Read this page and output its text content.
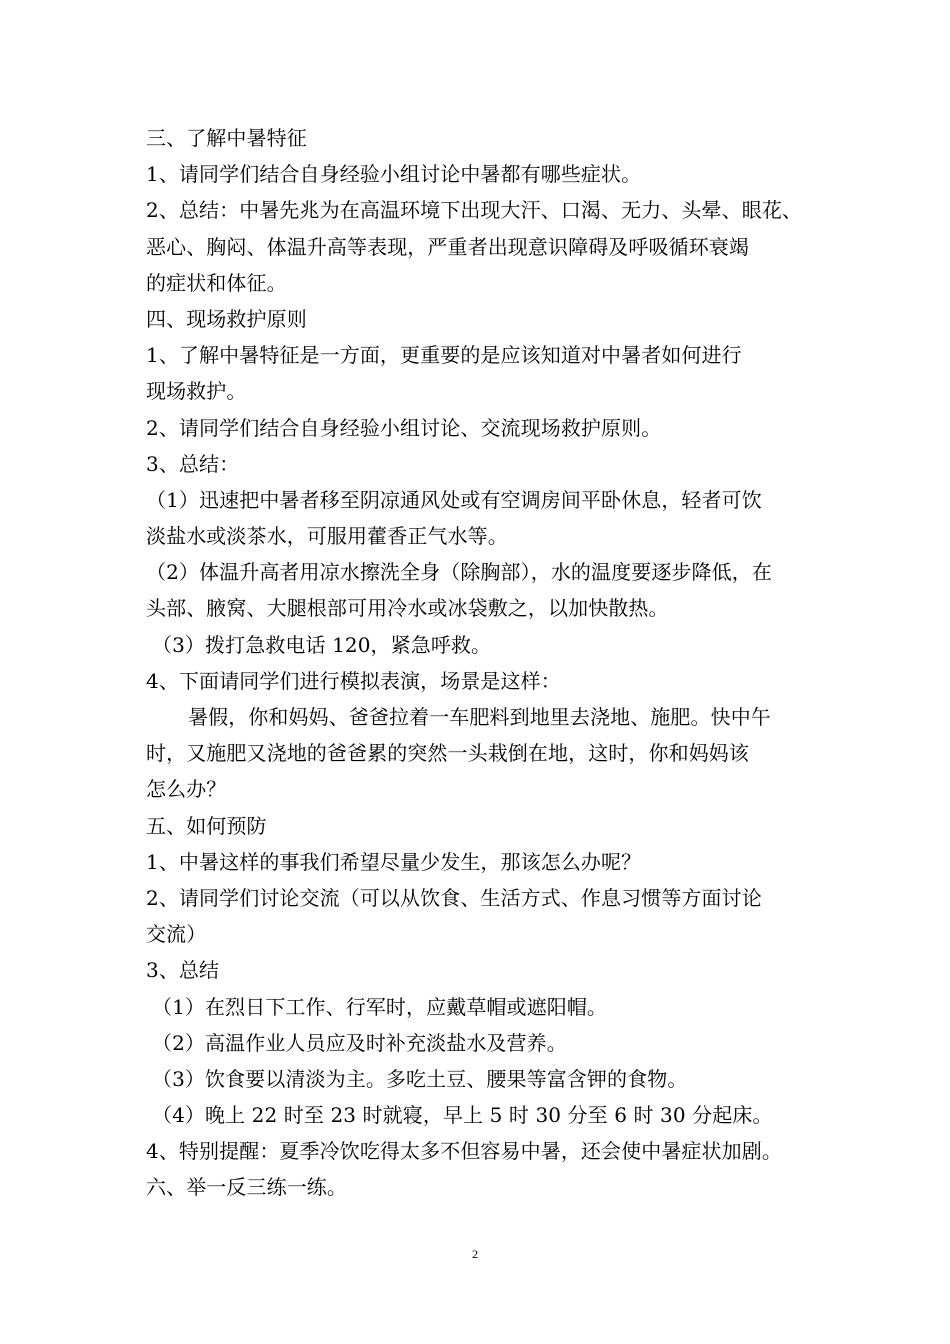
三、了解中暑特征
1、请同学们结合自身经验小组讨论中暑都有哪些症状。
2、总结：中暑先兆为在高温环境下出现大汗、口渴、无力、头晕、眼花、
恶心、胸闷、体温升高等表现，严重者出现意识障碍及呼吸循环衰竭
的症状和体征。
四、现场救护原则
1、了解中暑特征是一方面，更重要的是应该知道对中暑者如何进行
现场救护。
2、请同学们结合自身经验小组讨论、交流现场救护原则。
3、总结：
（1）迅速把中暑者移至阴凉通风处或有空调房间平卧休息，轻者可饮
淡盐水或淡茶水，可服用藿香正气水等。
（2）体温升高者用凉水擦洗全身（除胸部），水的温度要逐步降低，在
头部、腋窝、大腿根部可用冷水或冰袋敷之，以加快散热。
（3）拨打急救电话 120，紧急呼救。
4、下面请同学们进行模拟表演，场景是这样：
暑假，你和妈妈、爸爸拉着一车肥料到地里去浇地、施肥。快中午
时，又施肥又浇地的爸爸累的突然一头栽倒在地，这时，你和妈妈该
怎么办？
五、如何预防
1、中暑这样的事我们希望尽量少发生，那该怎么办呢？
2、请同学们讨论交流（可以从饮食、生活方式、作息习惯等方面讨论
交流）
3、总结
（1）在烈日下工作、行军时，应戴草帽或遮阳帽。
（2）高温作业人员应及时补充淡盐水及营养。
（3）饮食要以清淡为主。多吃土豆、腰果等富含钾的食物。
（4）晚上 22 时至 23 时就寝，早上 5 时 30 分至 6 时 30 分起床。
4、特别提醒：夏季冷饮吃得太多不但容易中暑，还会使中暑症状加剧。
六、举一反三练一练。
2
